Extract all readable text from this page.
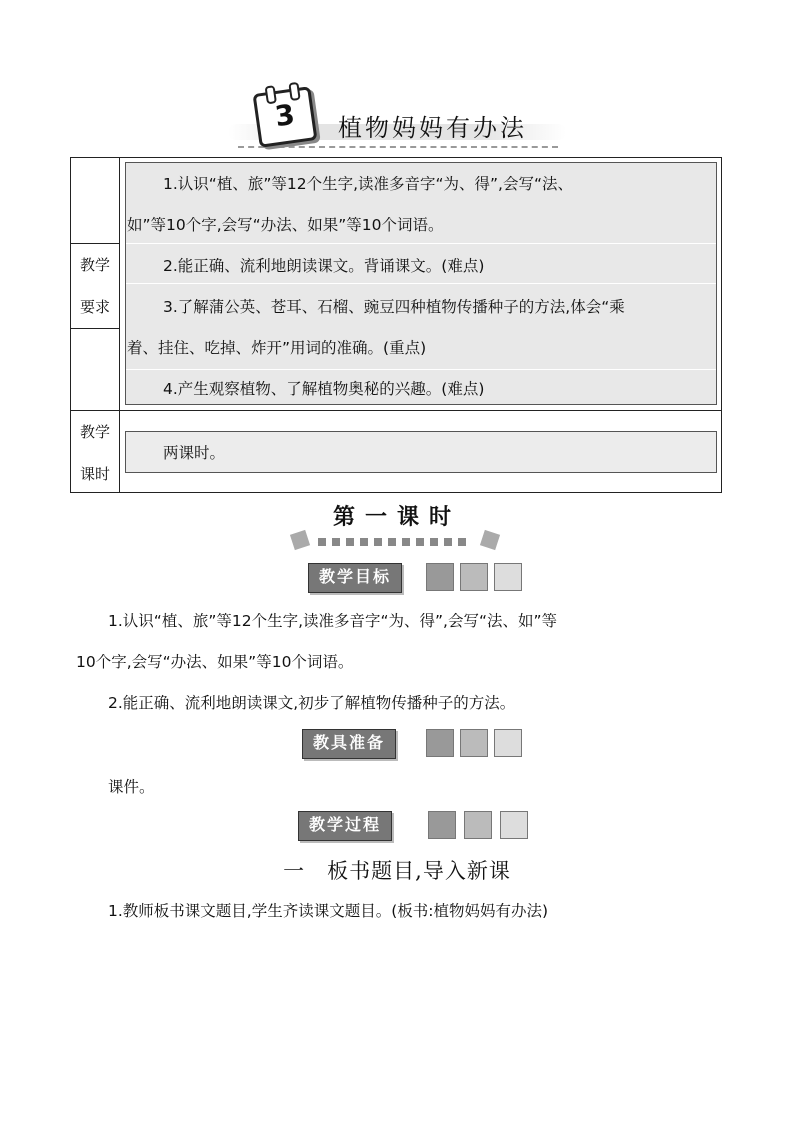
3	植物妈妈有办法
教学
要求
1.认识“植、旅”等12个生字,读准多音字“为、得”,会写“法、
如”等10个字,会写“办法、如果”等10个词语。
2.能正确、流利地朗读课文。背诵课文。(难点)
3.了解蒲公英、苍耳、石榴、豌豆四种植物传播种子的方法,体会“乘
着、挂住、吃掉、炸开”用词的准确。(重点)
4.产生观察植物、了解植物奥秘的兴趣。(难点)
教学
课时
两课时。
第一课时
教学目标
1.认识“植、旅”等12个生字,读准多音字“为、得”,会写“法、如”等
10个字,会写“办法、如果”等10个词语。
2.能正确、流利地朗读课文,初步了解植物传播种子的方法。
教具准备
课件。
教学过程
一　板书题目,导入新课
1.教师板书课文题目,学生齐读课文题目。(板书:植物妈妈有办法)
